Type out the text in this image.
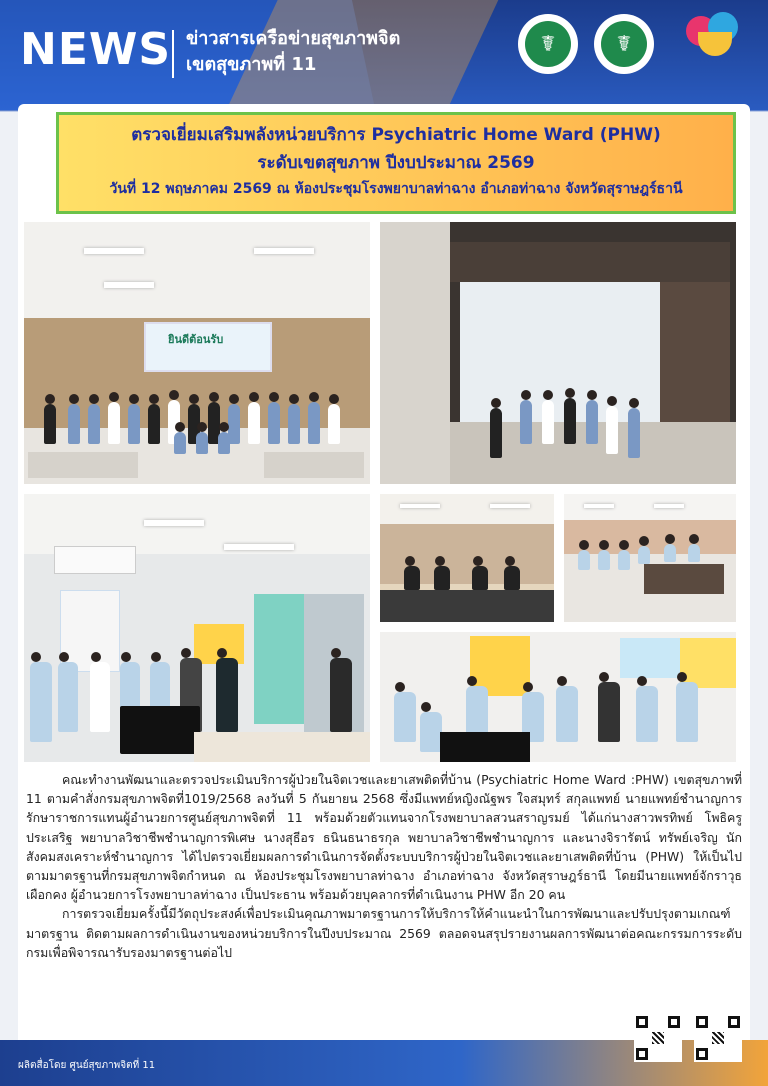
NEWS ข่าวสารเครือข่ายสุขภาพจิต
เขตสุขภาพที่ 11
☤	☤
ตรวจเยี่ยมเสริมพลังหน่วยบริการ Psychiatric Home Ward (PHW)
ระดับเขตสุขภาพ ปีงบประมาณ 2569
วันที่ 12 พฤษภาคม 2569 ณ ห้องประชุมโรงพยาบาลท่าฉาง อำเภอท่าฉาง จังหวัดสุราษฎร์ธานี
ยินดีต้อนรับ

คณะทำงานพัฒนาและตรวจประเมินบริการผู้ป่วยในจิตเวชและยาเสพติดที่บ้าน (Psychiatric Home Ward :PHW) เขตสุขภาพที่ 11 ตามคำสั่งกรมสุขภาพจิตที่1019/2568 ลงวันที่ 5 กันยายน 2568 ซึ่งมีแพทย์หญิงณัฐพร ใจสมุทร์ สกุลแพทย์ นายแพทย์ชำนาญการ รักษาราชการแทนผู้อำนวยการศูนย์สุขภาพจิตที่ 11 พร้อมด้วยตัวแทนจากโรงพยาบาลสวนสราญรมย์ ได้แก่นางสาวพรทิพย์ โพธิครูประเสริฐ พยาบาลวิชาชีพชำนาญการพิเศษ นางสุธีอร ธนินธนาธรกุล พยาบาลวิชาชีพชำนาญการ และนางจิรารัตน์ ทรัพย์เจริญ นักสังคมสงเคราะห์ชำนาญการ ได้ไปตรวจเยี่ยมผลการดำเนินการจัดตั้งระบบบริการผู้ป่วยในจิตเวชและยาเสพติดที่บ้าน (PHW) ให้เป็นไปตามมาตรฐานที่กรมสุขภาพจิตกำหนด ณ ห้องประชุมโรงพยาบาลท่าฉาง อำเภอท่าฉาง จังหวัดสุราษฎร์ธานี โดยมีนายแพทย์จักราวุธ เผือกคง ผู้อำนวยการโรงพยาบาลท่าฉาง เป็นประธาน พร้อมด้วยบุคลากรที่ดำเนินงาน PHW อีก 20 คน

การตรวจเยี่ยมครั้งนี้มีวัตถุประสงค์เพื่อประเมินคุณภาพมาตรฐานการให้บริการให้คำแนะนำในการพัฒนาและปรับปรุงตามเกณฑ์มาตรฐาน ติดตามผลการดำเนินงานของหน่วยบริการในปีงบประมาณ 2569 ตลอดจนสรุปรายงานผลการพัฒนาต่อคณะกรรมการระดับกรมเพื่อพิจารณารับรองมาตรฐานต่อไป

ผลิตสื่อโดย ศูนย์สุขภาพจิตที่ 11
